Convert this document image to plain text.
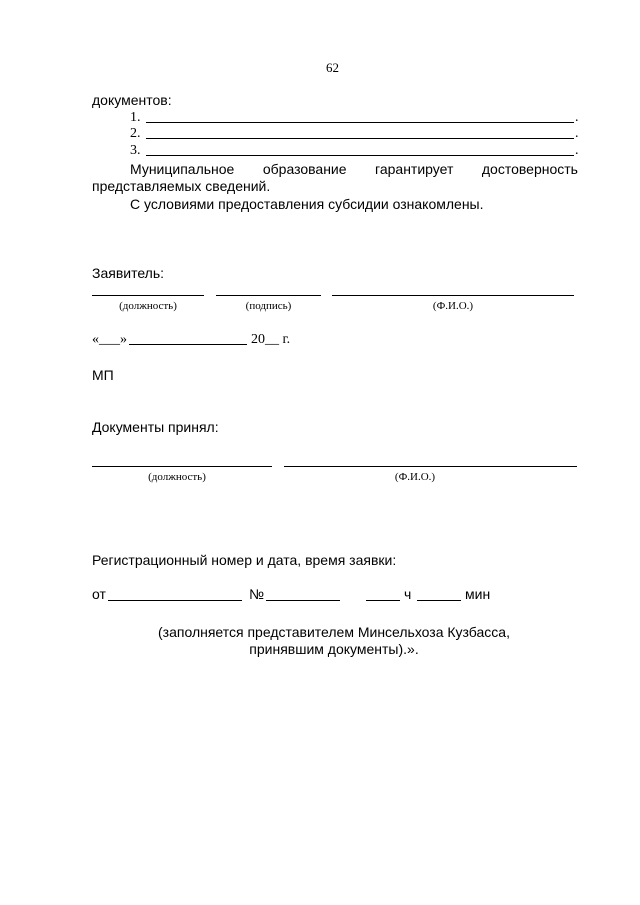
62
документов:
1.	.
2.	.
3.	.
Муниципальное образование гарантирует достоверность
представляемых сведений.
С условиями предоставления субсидии ознакомлены.
Заявитель:
(должность)	(подпись)	(Ф.И.О.)
«___»	20__ г.
МП
Документы принял:
(должность)	(Ф.И.О.)
Регистрационный номер и дата, время заявки:
от	№	ч	мин
(заполняется представителем Минсельхоза Кузбасса, принявшим документы).».
